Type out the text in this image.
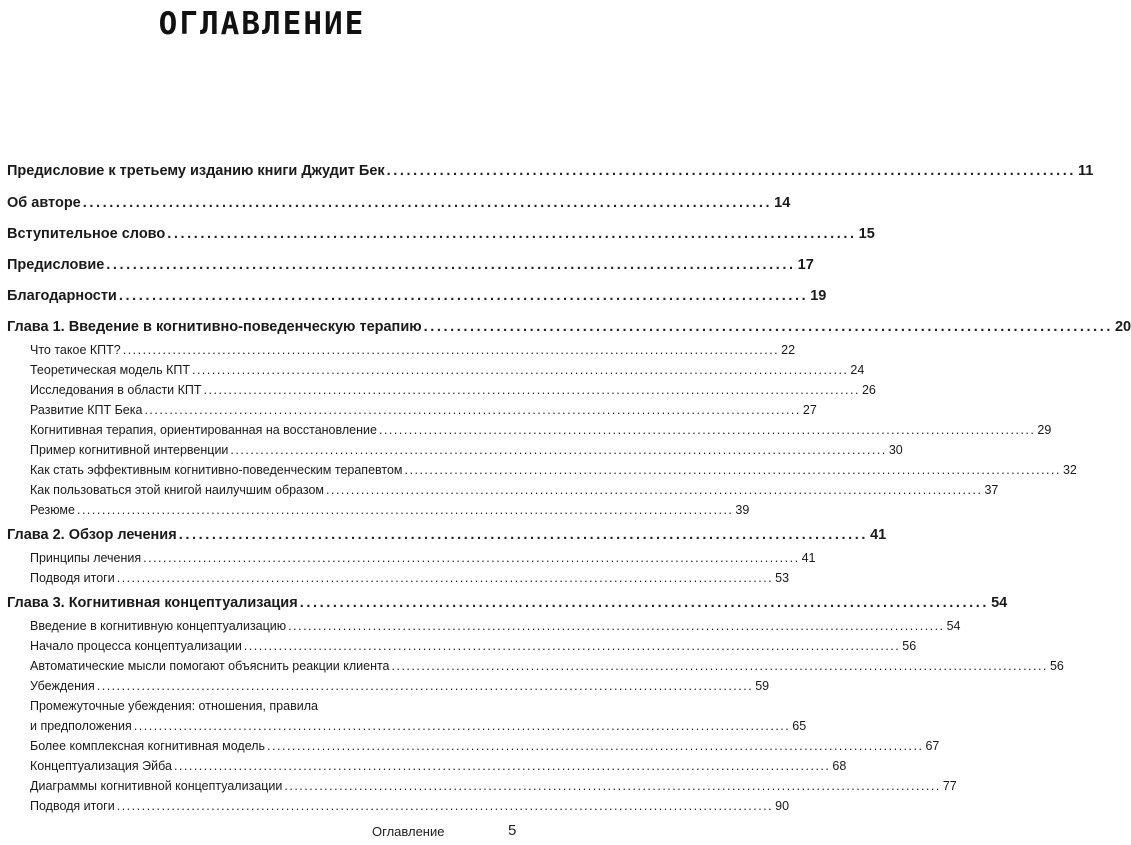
ОГЛАВЛЕНИЕ
Предисловие к третьему изданию книги Джудит Бек ........................................................................................................ 11
Об авторе ........................................................................................................ 14
Вступительное слово ........................................................................................................ 15
Предисловие ........................................................................................................ 17
Благодарности ........................................................................................................ 19
Глава 1. Введение в когнитивно-поведенческую терапию ........................................................................................................ 20
Что такое КПТ? .................................................................................................................................... 22
Теоретическая модель КПТ .................................................................................................................................... 24
Исследования в области КПТ .................................................................................................................................... 26
Развитие КПТ Бека .................................................................................................................................... 27
Когнитивная терапия, ориентированная на восстановление .................................................................................................................................... 29
Пример когнитивной интервенции .................................................................................................................................... 30
Как стать эффективным когнитивно-поведенческим терапевтом .................................................................................................................................... 32
Как пользоваться этой книгой наилучшим образом .................................................................................................................................... 37
Резюме .................................................................................................................................... 39
Глава 2. Обзор лечения ........................................................................................................ 41
Принципы лечения .................................................................................................................................... 41
Подводя итоги .................................................................................................................................... 53
Глава 3. Когнитивная концептуализация ........................................................................................................ 54
Введение в когнитивную концептуализацию .................................................................................................................................... 54
Начало процесса концептуализации .................................................................................................................................... 56
Автоматические мысли помогают объяснить реакции клиента .................................................................................................................................... 56
Убеждения .................................................................................................................................... 59
Промежуточные убеждения: отношения, правила
и предположения .................................................................................................................................... 65
Более комплексная когнитивная модель .................................................................................................................................... 67
Концептуализация Эйба .................................................................................................................................... 68
Диаграммы когнитивной концептуализации .................................................................................................................................... 77
Подводя итоги .................................................................................................................................... 90
Оглавление	5
